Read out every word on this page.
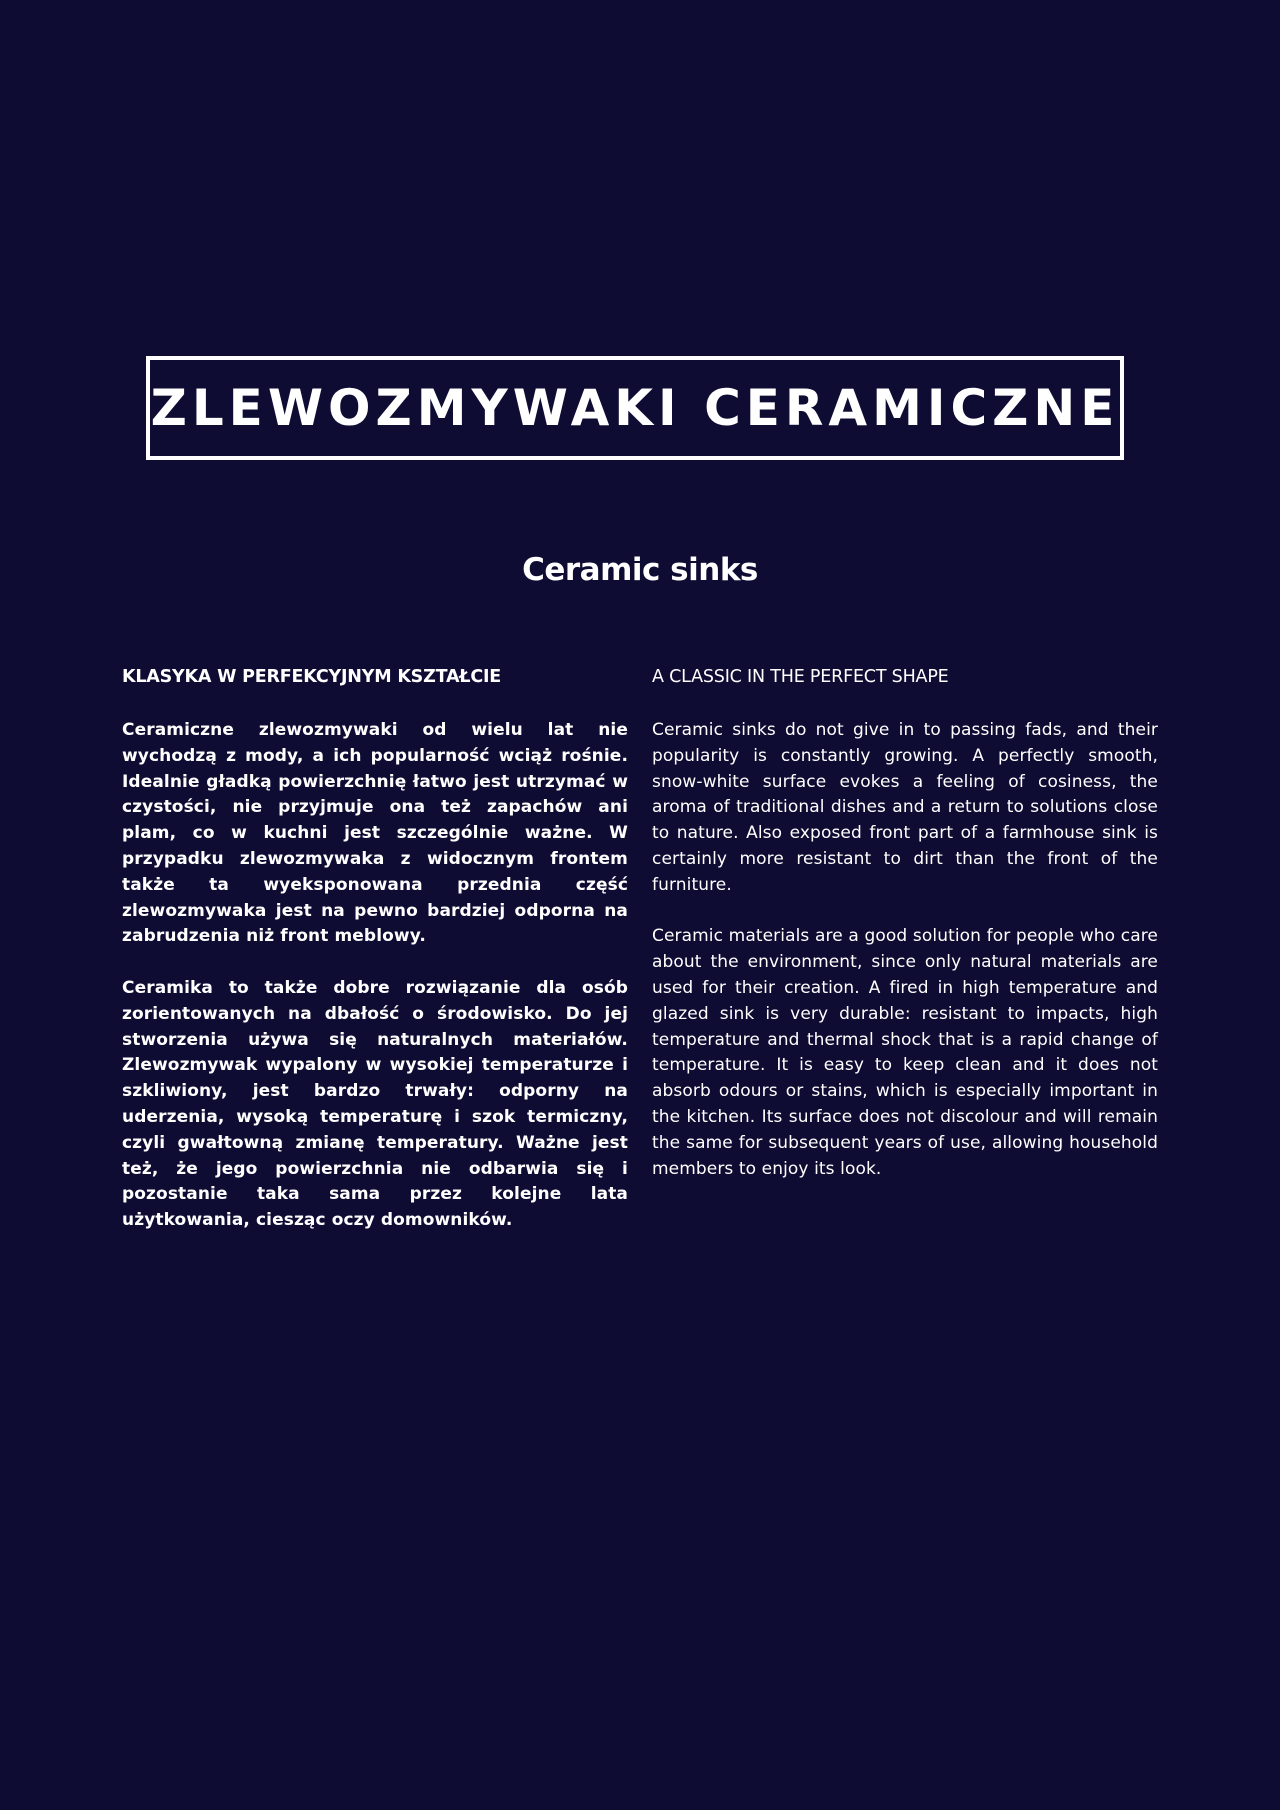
ZLEWOZMYWAKI CERAMICZNE
Ceramic sinks
KLASYKA W PERFEKCYJNYM KSZTAŁCIE

Ceramiczne zlewozmywaki od wielu lat nie wychodzą z mody, a ich popularność wciąż rośnie. Idealnie gładką powierzchnię łatwo jest utrzymać w czystości, nie przyjmuje ona też zapachów ani plam, co w kuchni jest szczególnie ważne. W przypadku zlewozmywaka z widocznym frontem także ta wyeksponowana przednia część zlewozmywaka jest na pewno bardziej odporna na zabrudzenia niż front meblowy.

Ceramika to także dobre rozwiązanie dla osób zorientowanych na dbałość o środowisko. Do jej stworzenia używa się naturalnych materiałów. Zlewozmywak wypalony w wysokiej temperaturze i szkliwiony, jest bardzo trwały: odporny na uderzenia, wysoką temperaturę i szok termiczny, czyli gwałtowną zmianę temperatury. Ważne jest też, że jego powierzchnia nie odbarwia się i pozostanie taka sama przez kolejne lata użytkowania, ciesząc oczy domowników.

A CLASSIC IN THE PERFECT SHAPE

Ceramic sinks do not give in to passing fads, and their popularity is constantly growing. A perfectly smooth, snow-white surface evokes a feeling of cosiness, the aroma of traditional dishes and a return to solutions close to nature. Also exposed front part of a farmhouse sink is certainly more resistant to dirt than the front of the furniture.

Ceramic materials are a good solution for people who care about the environment, since only natural materials are used for their creation. A fired in high temperature and glazed sink is very durable: resistant to impacts, high temperature and thermal shock that is a rapid change of temperature. It is easy to keep clean and it does not absorb odours or stains, which is especially important in the kitchen. Its surface does not discolour and will remain the same for subsequent years of use, allowing household members to enjoy its look.
